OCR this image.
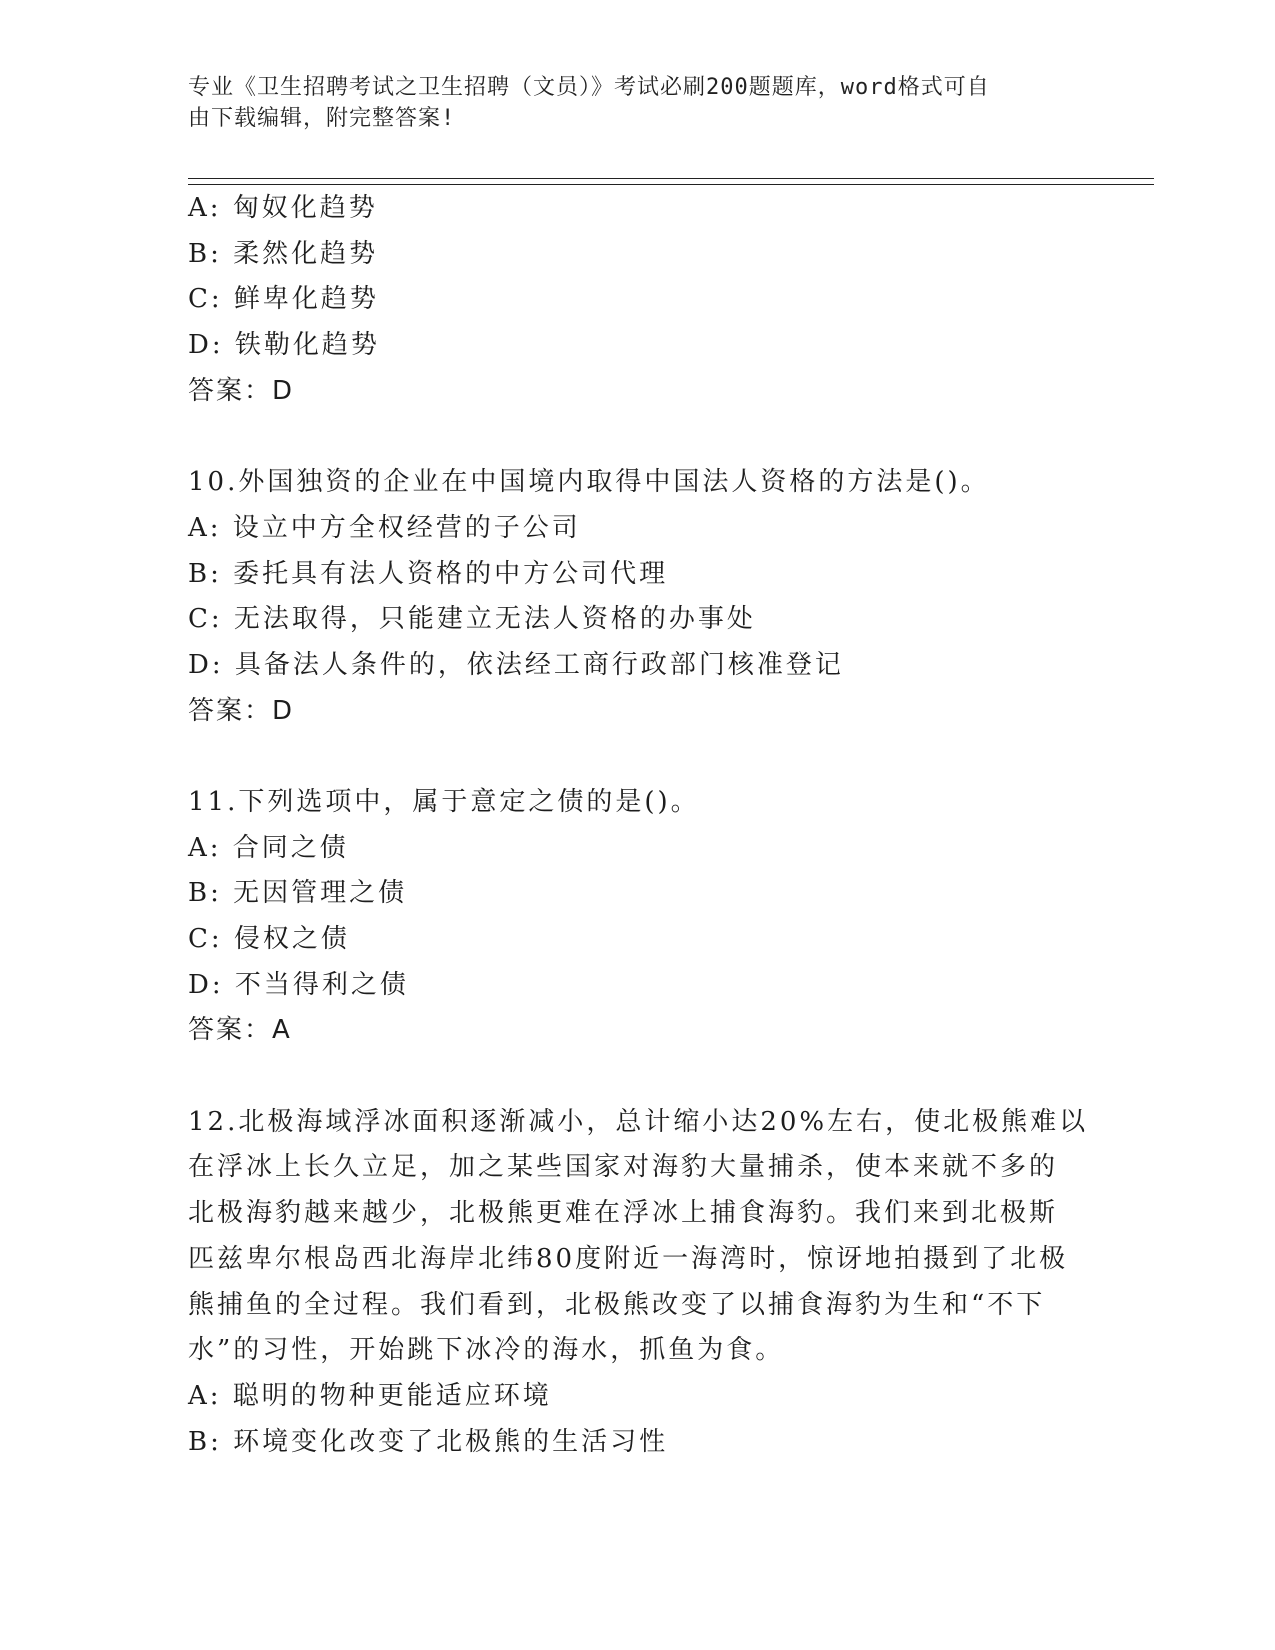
专业《卫生招聘考试之卫生招聘（文员）》考试必刷200题题库，word格式可自
由下载编辑，附完整答案!
A: 匈奴化趋势
B: 柔然化趋势
C: 鲜卑化趋势
D: 铁勒化趋势
答案：D
10.外国独资的企业在中国境内取得中国法人资格的方法是()。
A: 设立中方全权经营的子公司
B: 委托具有法人资格的中方公司代理
C: 无法取得，只能建立无法人资格的办事处
D: 具备法人条件的，依法经工商行政部门核准登记
答案：D
11.下列选项中，属于意定之债的是()。
A: 合同之债
B: 无因管理之债
C: 侵权之债
D: 不当得利之债
答案：A
12.北极海域浮冰面积逐渐减小，总计缩小达20%左右，使北极熊难以
在浮冰上长久立足，加之某些国家对海豹大量捕杀，使本来就不多的
北极海豹越来越少，北极熊更难在浮冰上捕食海豹。我们来到北极斯
匹兹卑尔根岛西北海岸北纬80度附近一海湾时，惊讶地拍摄到了北极
熊捕鱼的全过程。我们看到，北极熊改变了以捕食海豹为生和“不下
水”的习性，开始跳下冰冷的海水，抓鱼为食。
A: 聪明的物种更能适应环境
B: 环境变化改变了北极熊的生活习性
